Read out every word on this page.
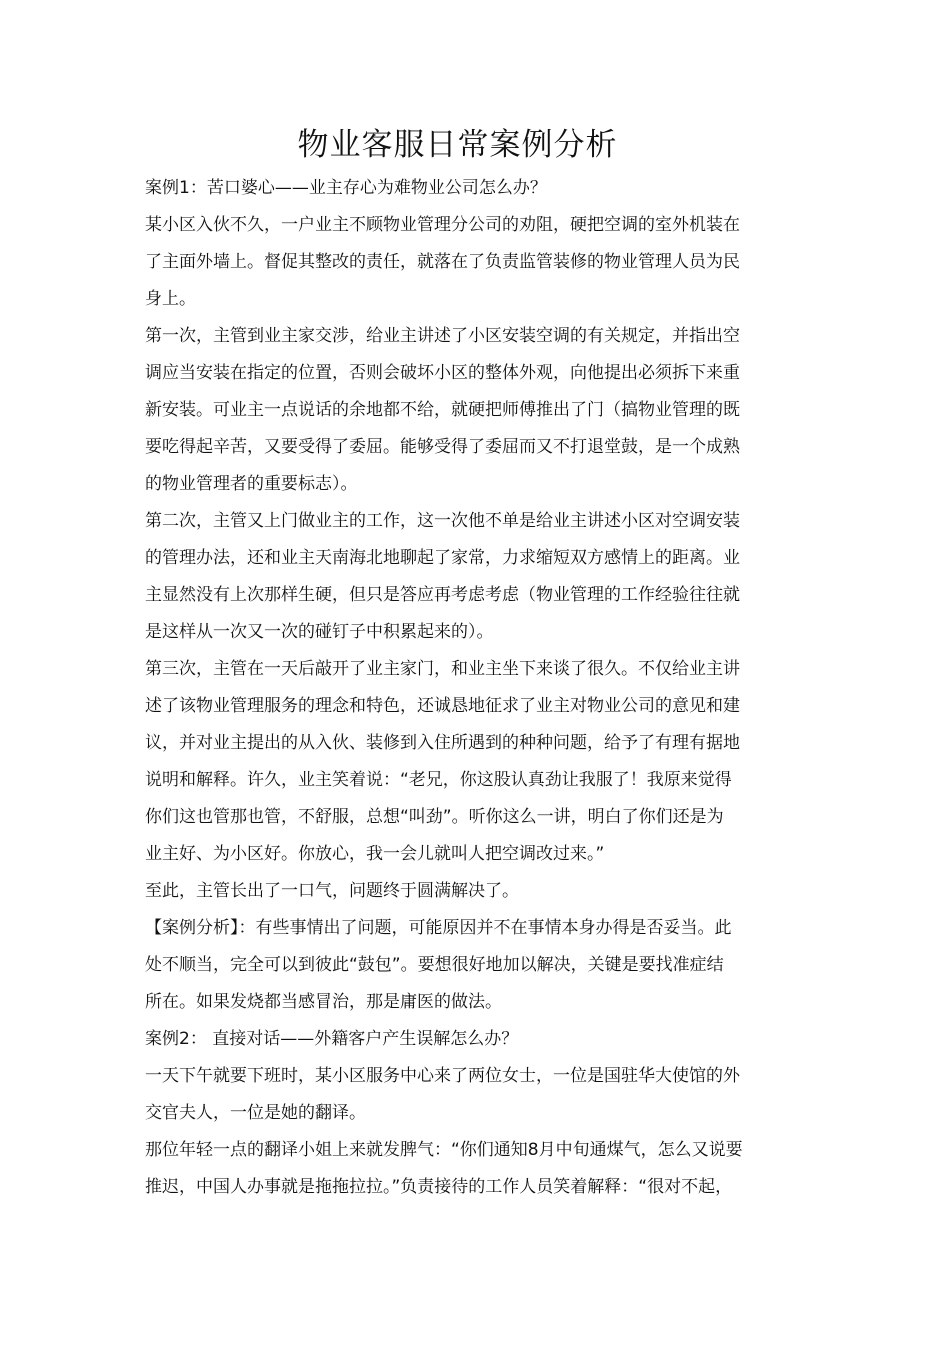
物业客服日常案例分析
案例1：苦口婆心——业主存心为难物业公司怎么办？
某小区入伙不久，一户业主不顾物业管理分公司的劝阻，硬把空调的室外机装在
了主面外墙上。督促其整改的责任，就落在了负责监管装修的物业管理人员为民
身上。
第一次，主管到业主家交涉，给业主讲述了小区安装空调的有关规定，并指出空
调应当安装在指定的位置，否则会破坏小区的整体外观，向他提出必须拆下来重
新安装。可业主一点说话的余地都不给，就硬把师傅推出了门（搞物业管理的既
要吃得起辛苦，又要受得了委屈。能够受得了委屈而又不打退堂鼓，是一个成熟
的物业管理者的重要标志）。
第二次，主管又上门做业主的工作，这一次他不单是给业主讲述小区对空调安装
的管理办法，还和业主天南海北地聊起了家常，力求缩短双方感情上的距离。业
主显然没有上次那样生硬，但只是答应再考虑考虑（物业管理的工作经验往往就
是这样从一次又一次的碰钉子中积累起来的）。
第三次，主管在一天后敲开了业主家门，和业主坐下来谈了很久。不仅给业主讲
述了该物业管理服务的理念和特色，还诚恳地征求了业主对物业公司的意见和建
议，并对业主提出的从入伙、装修到入住所遇到的种种问题，给予了有理有据地
说明和解释。许久，业主笑着说：“老兄，你这股认真劲让我服了！我原来觉得
你们这也管那也管，不舒服，总想“叫劲”。听你这么一讲，明白了你们还是为
业主好、为小区好。你放心，我一会儿就叫人把空调改过来。”
至此，主管长出了一口气，问题终于圆满解决了。
【案例分析】：有些事情出了问题，可能原因并不在事情本身办得是否妥当。此
处不顺当，完全可以到彼此“鼓包”。要想很好地加以解决，关键是要找准症结
所在。如果发烧都当感冒治，那是庸医的做法。
案例2： 直接对话——外籍客户产生误解怎么办？
一天下午就要下班时，某小区服务中心来了两位女士，一位是国驻华大使馆的外
交官夫人，一位是她的翻译。
那位年轻一点的翻译小姐上来就发脾气：“你们通知8月中旬通煤气，怎么又说要
推迟，中国人办事就是拖拖拉拉。”负责接待的工作人员笑着解释：“很对不起，
